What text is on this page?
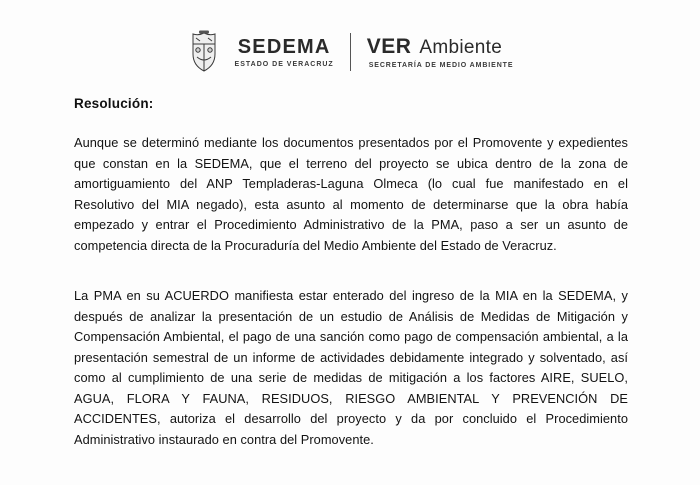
SEDEMA
ESTADO DE VERACRUZ
VER Ambiente
SECRETARÍA DE MEDIO AMBIENTE
Resolución:

Aunque se determinó mediante los documentos presentados por el Promovente y expedientes que constan en la SEDEMA, que el terreno del proyecto se ubica dentro de la zona de amortiguamiento del ANP Templaderas-Laguna Olmeca (lo cual fue manifestado en el Resolutivo del MIA negado), esta asunto al momento de determinarse que la obra había empezado y entrar el Procedimiento Administrativo de la PMA, paso a ser un asunto de competencia directa de la Procuraduría del Medio Ambiente del Estado de Veracruz.

La PMA en su ACUERDO manifiesta estar enterado del ingreso de la MIA en la SEDEMA, y después de analizar la presentación de un estudio de Análisis de Medidas de Mitigación y Compensación Ambiental, el pago de una sanción como pago de compensación ambiental, a la presentación semestral de un informe de actividades debidamente integrado y solventado, así como al cumplimiento de una serie de medidas de mitigación a los factores AIRE, SUELO, AGUA, FLORA Y FAUNA, RESIDUOS, RIESGO AMBIENTAL Y PREVENCIÓN DE ACCIDENTES, autoriza el desarrollo del proyecto y da por concluido el Procedimiento Administrativo instaurado en contra del Promovente.
